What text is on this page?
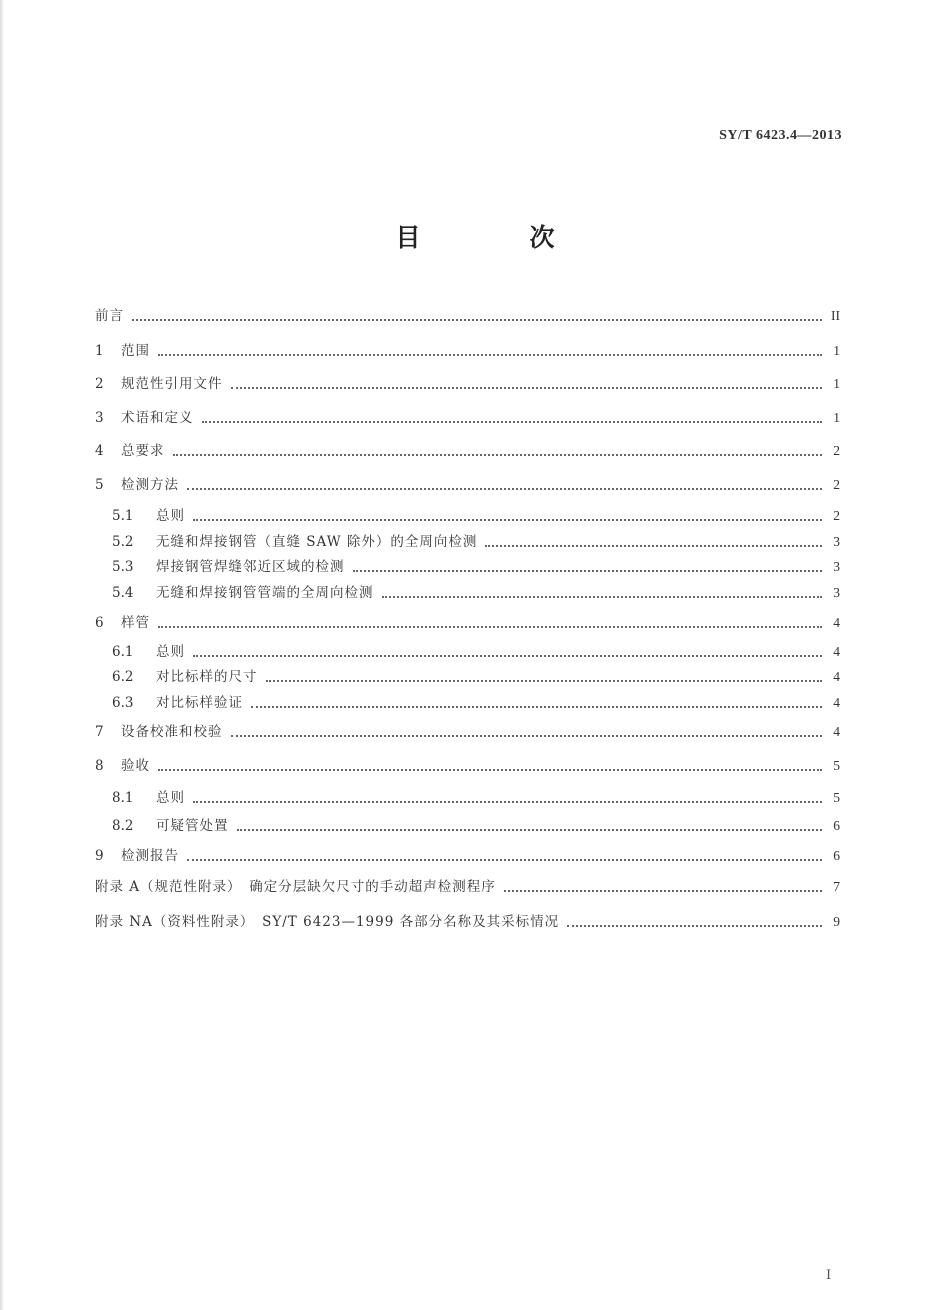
SY/T 6423.4—2013
目　次
前言	II
1	范围	1
2	规范性引用文件	1
3	术语和定义	1
4	总要求	2
5	检测方法	2
5.1	总则	2
5.2	无缝和焊接钢管（直缝 SAW 除外）的全周向检测	3
5.3	焊接钢管焊缝邻近区域的检测	3
5.4	无缝和焊接钢管管端的全周向检测	3
6	样管	4
6.1	总则	4
6.2	对比标样的尺寸	4
6.3	对比标样验证	4
7	设备校准和校验	4
8	验收	5
8.1	总则	5
8.2	可疑管处置	6
9	检测报告	6
附录 A（规范性附录）　确定分层缺欠尺寸的手动超声检测程序	7
附录 NA（资料性附录）　SY/T 6423—1999 各部分名称及其采标情况	9
I
